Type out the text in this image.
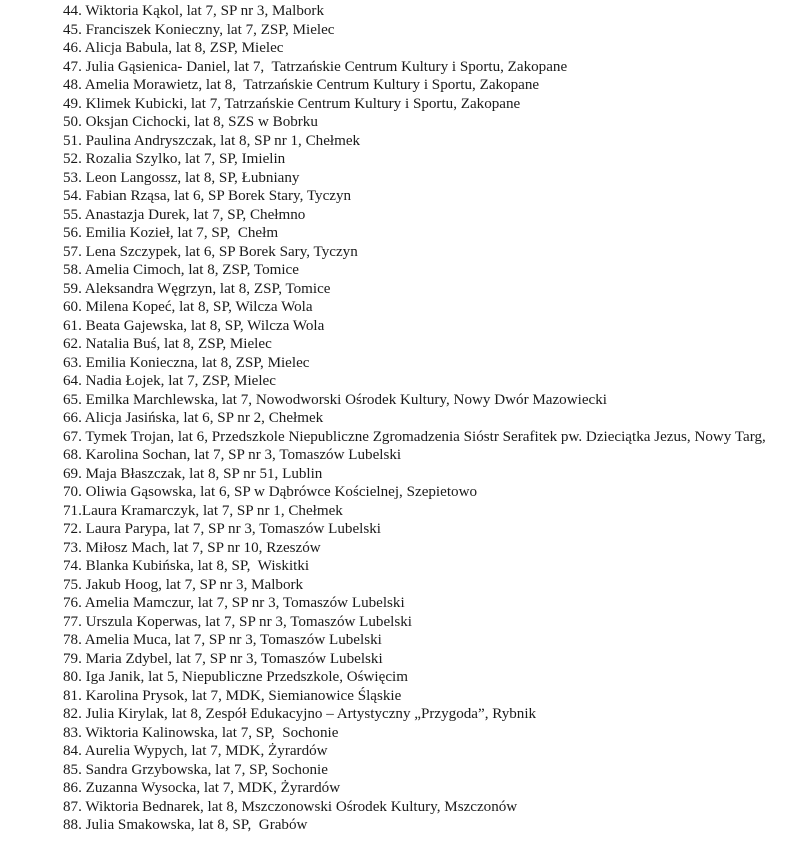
44. Wiktoria Kąkol, lat 7, SP nr 3, Malbork

45. Franciszek Konieczny, lat 7, ZSP, Mielec

46. Alicja Babula, lat 8, ZSP, Mielec

47. Julia Gąsienica- Daniel, lat 7,  Tatrzańskie Centrum Kultury i Sportu, Zakopane

48. Amelia Morawietz, lat 8,  Tatrzańskie Centrum Kultury i Sportu, Zakopane

49. Klimek Kubicki, lat 7, Tatrzańskie Centrum Kultury i Sportu, Zakopane

50. Oksjan Cichocki, lat 8, SZS w Bobrku

51. Paulina Andryszczak, lat 8, SP nr 1, Chełmek

52. Rozalia Szylko, lat 7, SP, Imielin

53. Leon Langossz, lat 8, SP, Łubniany

54. Fabian Rząsa, lat 6, SP Borek Stary, Tyczyn

55. Anastazja Durek, lat 7, SP, Chełmno

56. Emilia Kozieł, lat 7, SP,  Chełm

57. Lena Szczypek, lat 6, SP Borek Sary, Tyczyn

58. Amelia Cimoch, lat 8, ZSP, Tomice

59. Aleksandra Węgrzyn, lat 8, ZSP, Tomice

60. Milena Kopeć, lat 8, SP, Wilcza Wola

61. Beata Gajewska, lat 8, SP, Wilcza Wola

62. Natalia Buś, lat 8, ZSP, Mielec

63. Emilia Konieczna, lat 8, ZSP, Mielec

64. Nadia Łojek, lat 7, ZSP, Mielec

65. Emilka Marchlewska, lat 7, Nowodworski Ośrodek Kultury, Nowy Dwór Mazowiecki

66. Alicja Jasińska, lat 6, SP nr 2, Chełmek

67. Tymek Trojan, lat 6, Przedszkole Niepubliczne Zgromadzenia Sióstr Serafitek pw. Dzieciątka Jezus, Nowy Targ,

68. Karolina Sochan, lat 7, SP nr 3, Tomaszów Lubelski

69. Maja Błaszczak, lat 8, SP nr 51, Lublin

70. Oliwia Gąsowska, lat 6, SP w Dąbrówce Kościelnej, Szepietowo

71.Laura Kramarczyk, lat 7, SP nr 1, Chełmek

72. Laura Parypa, lat 7, SP nr 3, Tomaszów Lubelski

73. Miłosz Mach, lat 7, SP nr 10, Rzeszów

74. Blanka Kubińska, lat 8, SP,  Wiskitki

75. Jakub Hoog, lat 7, SP nr 3, Malbork

76. Amelia Mamczur, lat 7, SP nr 3, Tomaszów Lubelski

77. Urszula Koperwas, lat 7, SP nr 3, Tomaszów Lubelski

78. Amelia Muca, lat 7, SP nr 3, Tomaszów Lubelski

79. Maria Zdybel, lat 7, SP nr 3, Tomaszów Lubelski

80. Iga Janik, lat 5, Niepubliczne Przedszkole, Oświęcim

81. Karolina Prysok, lat 7, MDK, Siemianowice Śląskie

82. Julia Kirylak, lat 8, Zespół Edukacyjno – Artystyczny „Przygoda”, Rybnik

83. Wiktoria Kalinowska, lat 7, SP,  Sochonie

84. Aurelia Wypych, lat 7, MDK, Żyrardów

85. Sandra Grzybowska, lat 7, SP, Sochonie

86. Zuzanna Wysocka, lat 7, MDK, Żyrardów

87. Wiktoria Bednarek, lat 8, Mszczonowski Ośrodek Kultury, Mszczonów

88. Julia Smakowska, lat 8, SP,  Grabów
